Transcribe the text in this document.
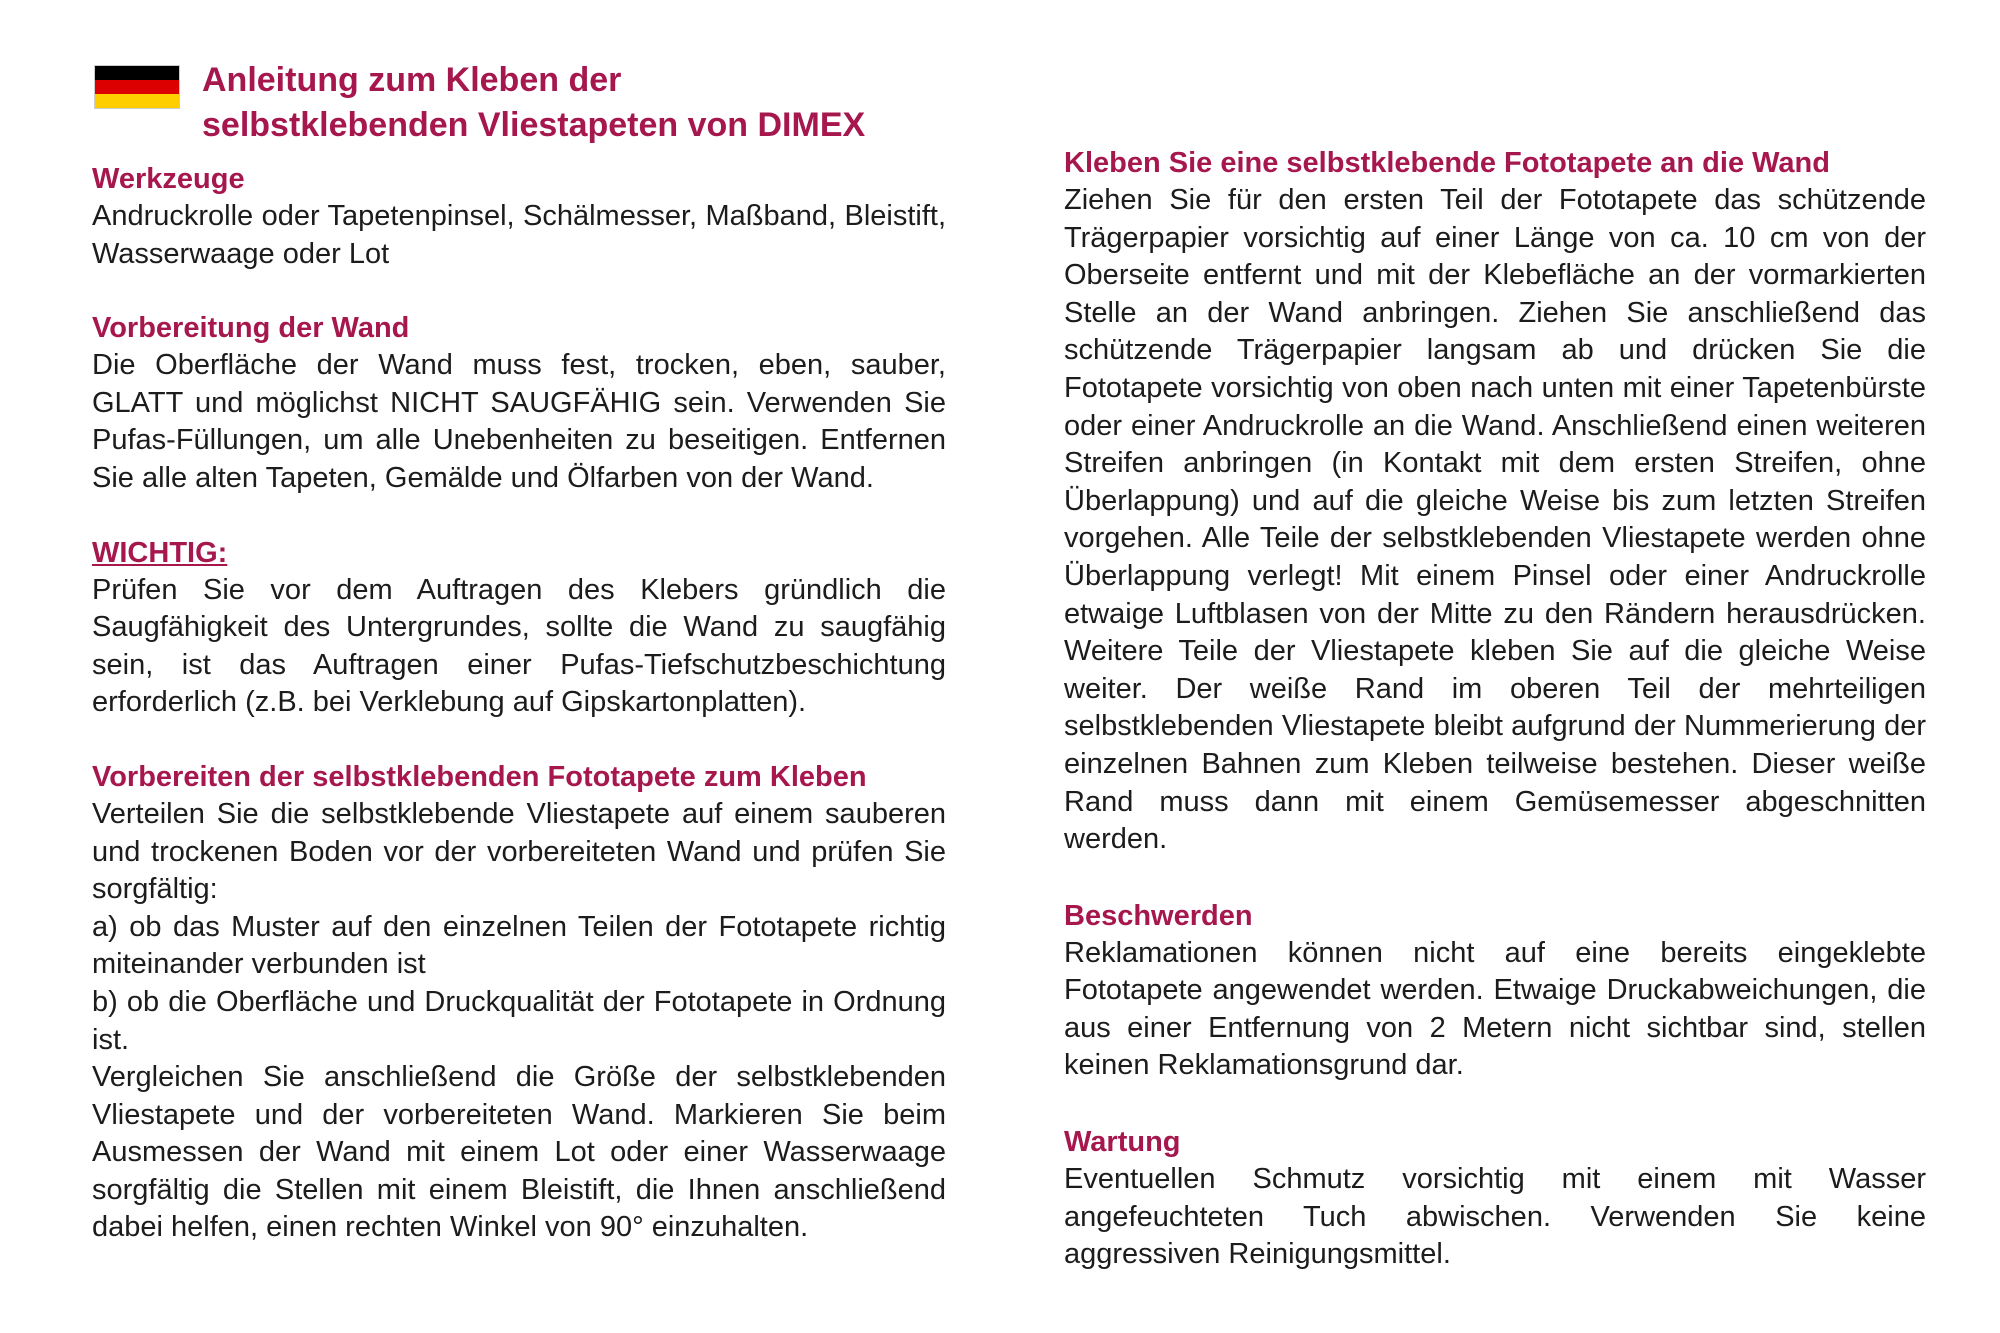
Anleitung zum Kleben der
selbstklebenden Vliestapeten von DIMEX
Werkzeuge

Andruckrolle oder Tapetenpinsel, Schälmesser, Maßband, Bleistift, Wasserwaage oder Lot

Vorbereitung der Wand

Die Oberfläche der Wand muss fest, trocken, eben, sauber, GLATT und möglichst NICHT SAUGFÄHIG sein. Verwenden Sie Pufas-Füllungen, um alle Unebenheiten zu beseitigen. Entfernen Sie alle alten Tapeten, Gemälde und Ölfarben von der Wand.

WICHTIG:

Prüfen Sie vor dem Auftragen des Klebers gründlich die Saugfähigkeit des Untergrundes, sollte die Wand zu saugfähig sein, ist das Auftragen einer Pufas-Tiefschutzbeschichtung erforderlich (z.B. bei Verklebung auf Gipskartonplatten).

Vorbereiten der selbstklebenden Fototapete zum Kleben

Verteilen Sie die selbstklebende Vliestapete auf einem sauberen und trockenen Boden vor der vorbereiteten Wand und prüfen Sie sorgfältig:

a) ob das Muster auf den einzelnen Teilen der Fototapete richtig miteinander verbunden ist

b) ob die Oberfläche und Druckqualität der Fototapete in Ordnung ist.

Vergleichen Sie anschließend die Größe der selbstklebenden Vliestapete und der vorbereiteten Wand. Markieren Sie beim Ausmessen der Wand mit einem Lot oder einer Wasserwaage sorgfältig die Stellen mit einem Bleistift, die Ihnen anschließend dabei helfen, einen rechten Winkel von 90° einzuhalten.

Kleben Sie eine selbstklebende Fototapete an die Wand

Ziehen Sie für den ersten Teil der Fototapete das schützende Trägerpapier vorsichtig auf einer Länge von ca. 10 cm von der Oberseite entfernt und mit der Klebefläche an der vormarkierten Stelle an der Wand anbringen. Ziehen Sie anschließend das schützende Trägerpapier langsam ab und drücken Sie die Fototapete vorsichtig von oben nach unten mit einer Tapetenbürste oder einer Andruckrolle an die Wand. Anschließend einen weiteren Streifen anbringen (in Kontakt mit dem ersten Streifen, ohne Überlappung) und auf die gleiche Weise bis zum letzten Streifen vorgehen. Alle Teile der selbstklebenden Vliestapete werden ohne Überlappung verlegt! Mit einem Pinsel oder einer Andruckrolle etwaige Luftblasen von der Mitte zu den Rändern herausdrücken. Weitere Teile der Vliestapete kleben Sie auf die gleiche Weise weiter. Der weiße Rand im oberen Teil der mehrteiligen selbstklebenden Vliestapete bleibt aufgrund der Nummerierung der einzelnen Bahnen zum Kleben teilweise bestehen. Dieser weiße Rand muss dann mit einem Gemüsemesser abgeschnitten werden.

Beschwerden

Reklamationen können nicht auf eine bereits eingeklebte Fototapete angewendet werden. Etwaige Druckabweichungen, die aus einer Entfernung von 2 Metern nicht sichtbar sind, stellen keinen Reklamationsgrund dar.

Wartung

Eventuellen Schmutz vorsichtig mit einem mit Wasser angefeuchteten Tuch abwischen. Verwenden Sie keine aggressiven Reinigungsmittel.
